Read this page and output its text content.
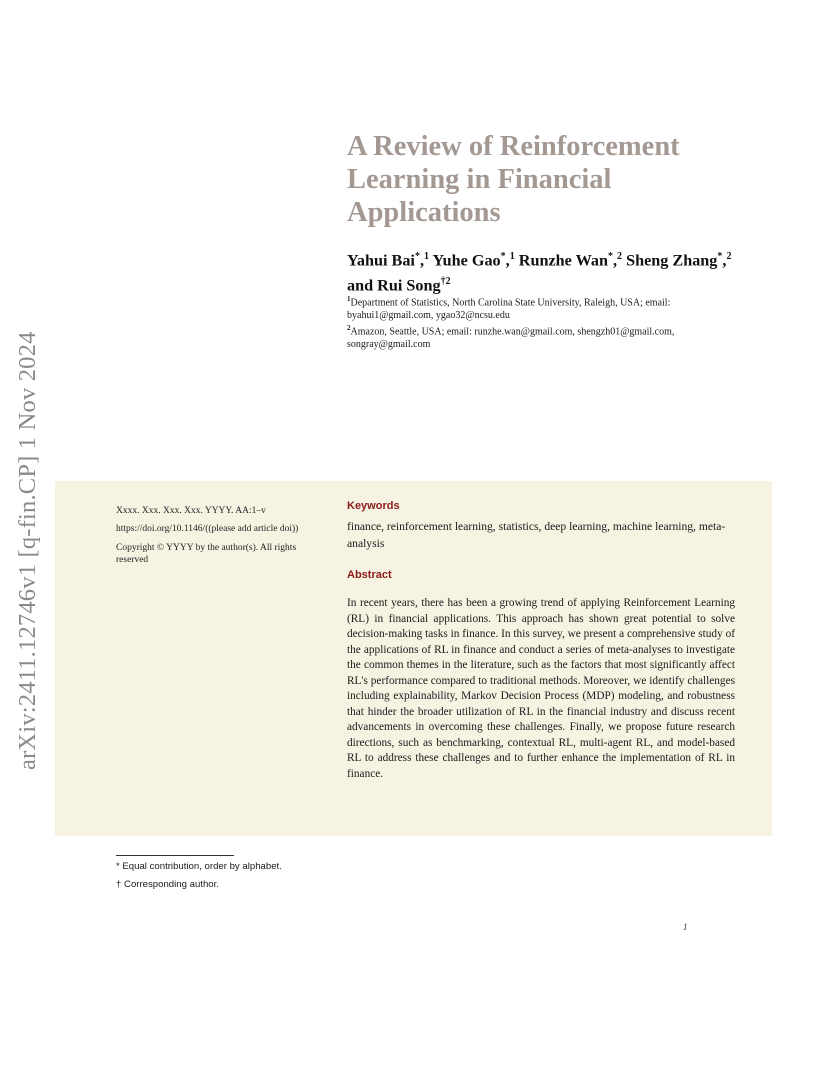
arXiv:2411.12746v1 [q-fin.CP] 1 Nov 2024
A Review of Reinforcement Learning in Financial Applications
Yahui Bai*,$^1$ Yuhe Gao*,$^1$ Runzhe Wan*,$^2$ Sheng Zhang*,$^2$ and Rui Song$^{\dagger 2}$
$^1$Department of Statistics, North Carolina State University, Raleigh, USA; email: byahui1@gmail.com, ygao32@ncsu.edu
$^2$Amazon, Seattle, USA; email: runzhe.wan@gmail.com, shengzh01@gmail.com, songray@gmail.com

Xxxx. Xxx. Xxx. Xxx. YYYY. AA:1–v

https://doi.org/10.1146/((please add article doi))

Copyright © YYYY by the author(s). All rights reserved

Keywords
finance, reinforcement learning, statistics, deep learning, machine learning, meta-analysis
Abstract
In recent years, there has been a growing trend of applying Reinforcement Learning (RL) in financial applications. This approach has shown great potential to solve decision-making tasks in finance. In this survey, we present a comprehensive study of the applications of RL in finance and conduct a series of meta-analyses to investigate the common themes in the literature, such as the factors that most significantly affect RL's performance compared to traditional methods. Moreover, we identify challenges including explainability, Markov Decision Process (MDP) modeling, and robustness that hinder the broader utilization of RL in the financial industry and discuss recent advancements in overcoming these challenges. Finally, we propose future research directions, such as benchmarking, contextual RL, multi-agent RL, and model-based RL to address these challenges and to further enhance the implementation of RL in finance.
* Equal contribution, order by alphabet.
† Corresponding author.
1
